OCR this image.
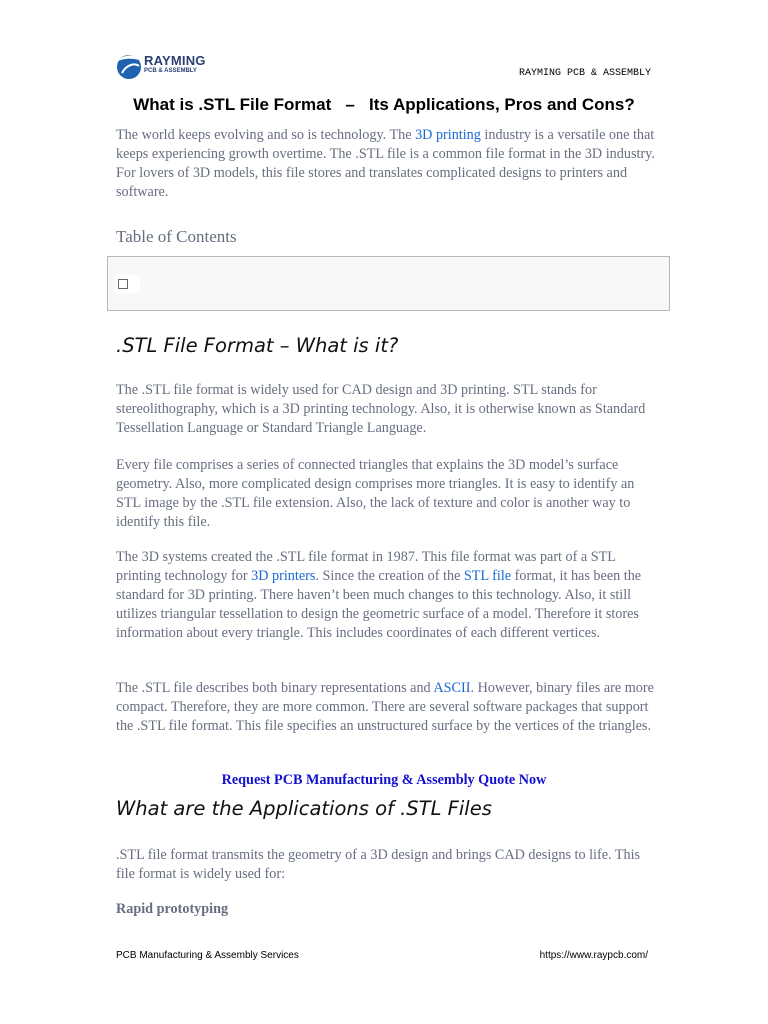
RAYMING
PCB & ASSEMBLY	RAYMING PCB & ASSEMBLY
What is .STL File Format   –   Its Applications, Pros and Cons?

The world keeps evolving and so is technology. The 3D printing industry is a versatile one that keeps experiencing growth overtime. The .STL file is a common file format in the 3D industry. For lovers of 3D models, this file stores and translates complicated designs to printers and software.

Table of Contents
.STL File Format – What is it?

The .STL file format is widely used for CAD design and 3D printing. STL stands for stereolithography, which is a 3D printing technology. Also, it is otherwise known as Standard Tessellation Language or Standard Triangle Language.

Every file comprises a series of connected triangles that explains the 3D model’s surface geometry. Also, more complicated design comprises more triangles. It is easy to identify an STL image by the .STL file extension. Also, the lack of texture and color is another way to identify this file.

The 3D systems created the .STL file format in 1987. This file format was part of a STL printing technology for 3D printers. Since the creation of the STL file format, it has been the standard for 3D printing. There haven’t been much changes to this technology. Also, it still utilizes triangular tessellation to design the geometric surface of a model. Therefore it stores information about every triangle. This includes coordinates of each different vertices.

The .STL file describes both binary representations and ASCII. However, binary files are more compact. Therefore, they are more common. There are several software packages that support the .STL file format. This file specifies an unstructured surface by the vertices of the triangles.

Request PCB Manufacturing & Assembly Quote Now
What are the Applications of .STL Files

.STL file format transmits the geometry of a 3D design and brings CAD designs to life. This file format is widely used for:

Rapid prototyping
PCB Manufacturing & Assembly Services	https://www.raypcb.com/
